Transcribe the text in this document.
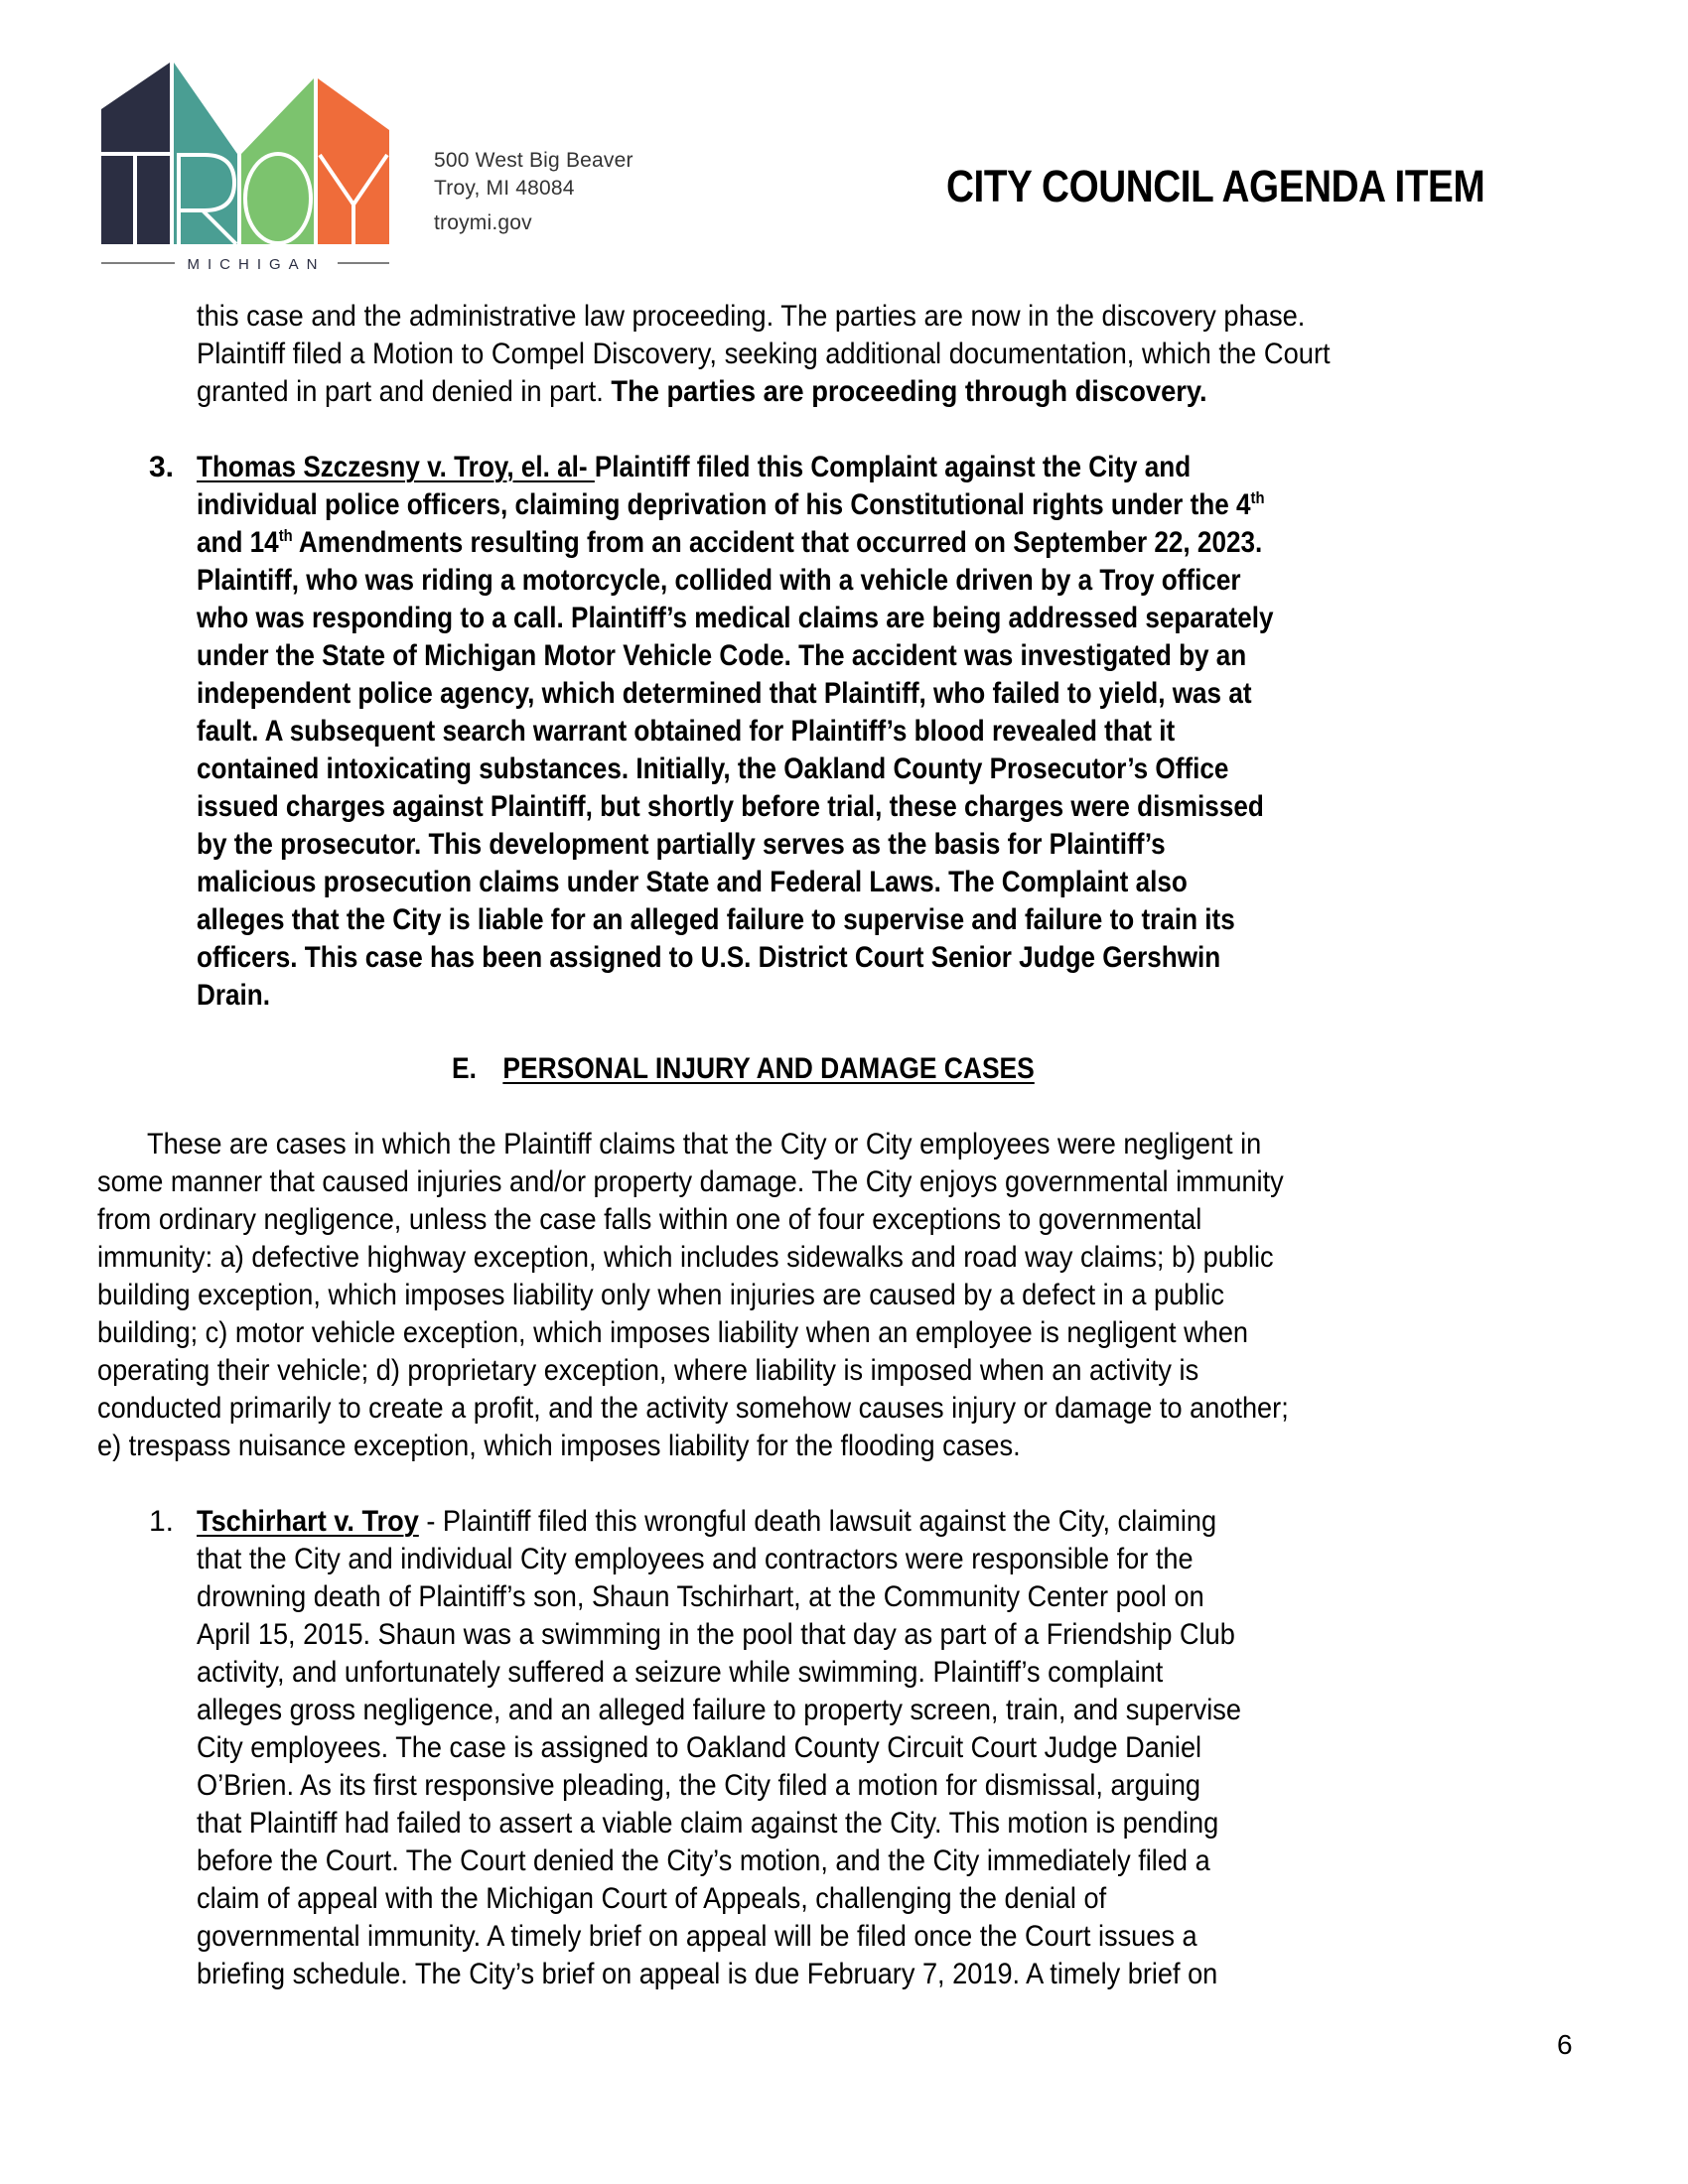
MICHIGAN
500 West Big Beaver
Troy, MI 48084
troymi.gov
CITY COUNCIL AGENDA ITEM
this case and the administrative law proceeding. The parties are now in the discovery phase.
Plaintiff filed a Motion to Compel Discovery, seeking additional documentation, which the Court
granted in part and denied in part. The parties are proceeding through discovery.
3. Thomas Szczesny v. Troy, el. al- Plaintiff filed this Complaint against the City and
individual police officers, claiming deprivation of his Constitutional rights under the 4th
and 14th Amendments resulting from an accident that occurred on September 22, 2023.
Plaintiff, who was riding a motorcycle, collided with a vehicle driven by a Troy officer
who was responding to a call. Plaintiff’s medical claims are being addressed separately
under the State of Michigan Motor Vehicle Code. The accident was investigated by an
independent police agency, which determined that Plaintiff, who failed to yield, was at
fault. A subsequent search warrant obtained for Plaintiff’s blood revealed that it
contained intoxicating substances. Initially, the Oakland County Prosecutor’s Office
issued charges against Plaintiff, but shortly before trial, these charges were dismissed
by the prosecutor. This development partially serves as the basis for Plaintiff’s
malicious prosecution claims under State and Federal Laws. The Complaint also
alleges that the City is liable for an alleged failure to supervise and failure to train its
officers. This case has been assigned to U.S. District Court Senior Judge Gershwin
Drain.
E. PERSONAL INJURY AND DAMAGE CASES
These are cases in which the Plaintiff claims that the City or City employees were negligent in
some manner that caused injuries and/or property damage. The City enjoys governmental immunity
from ordinary negligence, unless the case falls within one of four exceptions to governmental
immunity: a) defective highway exception, which includes sidewalks and road way claims; b) public
building exception, which imposes liability only when injuries are caused by a defect in a public
building; c) motor vehicle exception, which imposes liability when an employee is negligent when
operating their vehicle; d) proprietary exception, where liability is imposed when an activity is
conducted primarily to create a profit, and the activity somehow causes injury or damage to another;
e) trespass nuisance exception, which imposes liability for the flooding cases.
1. Tschirhart v. Troy - Plaintiff filed this wrongful death lawsuit against the City, claiming
that the City and individual City employees and contractors were responsible for the
drowning death of Plaintiff’s son, Shaun Tschirhart, at the Community Center pool on
April 15, 2015. Shaun was a swimming in the pool that day as part of a Friendship Club
activity, and unfortunately suffered a seizure while swimming. Plaintiff’s complaint
alleges gross negligence, and an alleged failure to property screen, train, and supervise
City employees. The case is assigned to Oakland County Circuit Court Judge Daniel
O’Brien. As its first responsive pleading, the City filed a motion for dismissal, arguing
that Plaintiff had failed to assert a viable claim against the City. This motion is pending
before the Court. The Court denied the City’s motion, and the City immediately filed a
claim of appeal with the Michigan Court of Appeals, challenging the denial of
governmental immunity. A timely brief on appeal will be filed once the Court issues a
briefing schedule. The City’s brief on appeal is due February 7, 2019. A timely brief on
6
